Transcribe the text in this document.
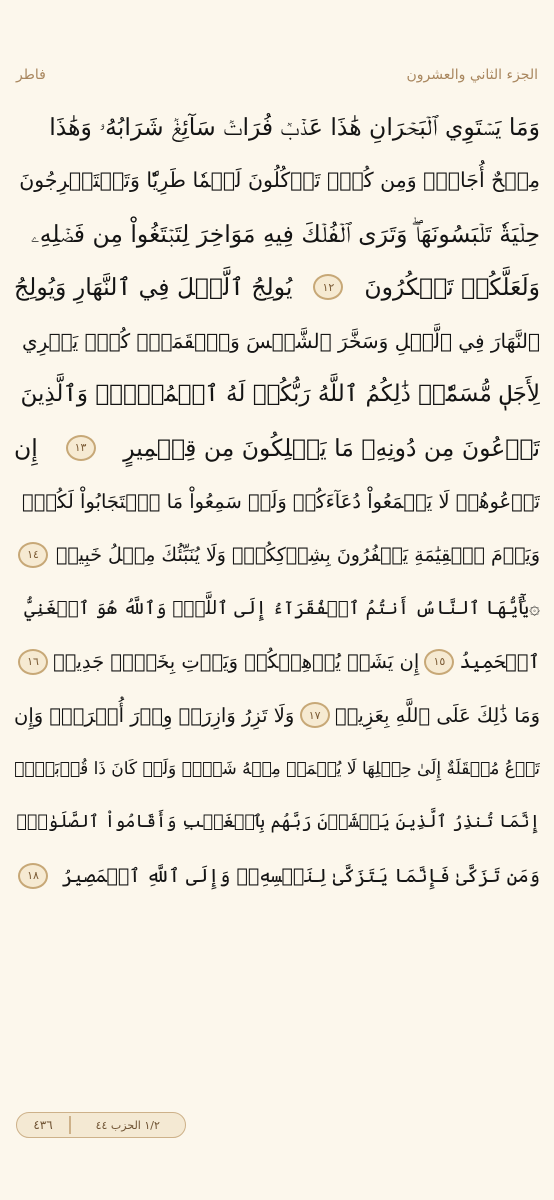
الجزء الثاني والعشرون
فاطر
وَمَا يَسۡتَوِي ٱلۡبَحۡرَانِ هَٰذَا عَذۡبٞ فُرَاتٞ سَآئِغٞ شَرَابُهُۥ وَهَٰذَا
مِلۡحٌ أُجَاجٞۖ وَمِن كُلّٖ تَأۡكُلُونَ لَحۡمٗا طَرِيّٗا وَتَسۡتَخۡرِجُونَ
حِلۡيَةٗ تَلۡبَسُونَهَاۖ وَتَرَى ٱلۡفُلۡكَ فِيهِ مَوَاخِرَ لِتَبۡتَغُواْ مِن فَضۡلِهِۦ
وَلَعَلَّكُمۡ تَشۡكُرُونَ
١٢
يُولِجُ ٱلَّيۡلَ فِي ٱلنَّهَارِ وَيُولِجُ
ٱلنَّهَارَ فِي ٱلَّيۡلِ وَسَخَّرَ ٱلشَّمۡسَ وَٱلۡقَمَرَۖ كُلّٞ يَجۡرِي
لِأَجَلٖ مُّسَمّٗىۚ ذَٰلِكُمُ ٱللَّهُ رَبُّكُمۡ لَهُ ٱلۡمُلۡكُۚ وَٱلَّذِينَ
تَدۡعُونَ مِن دُونِهِۦ مَا يَمۡلِكُونَ مِن قِطۡمِيرٍ
١٣
إِن
تَدۡعُوهُمۡ لَا يَسۡمَعُواْ دُعَآءَكُمۡ وَلَوۡ سَمِعُواْ مَا ٱسۡتَجَابُواْ لَكُمۡۖ
وَيَوۡمَ ٱلۡقِيَٰمَةِ يَكۡفُرُونَ بِشِرۡكِكُمۡۚ وَلَا يُنَبِّئُكَ مِثۡلُ خَبِيرٖ
١٤
۞يَٰٓأَيُّهَا ٱلنَّاسُ أَنتُمُ ٱلۡفُقَرَآءُ إِلَى ٱللَّهِۖ وَٱللَّهُ هُوَ ٱلۡغَنِيُّ
ٱلۡحَمِيدُ
١٥
إِن يَشَأۡ يُذۡهِبۡكُمۡ وَيَأۡتِ بِخَلۡقٖ جَدِيدٖ
١٦
وَمَا ذَٰلِكَ عَلَى ٱللَّهِ بِعَزِيزٖ
١٧
وَلَا تَزِرُ وَازِرَةٞ وِزۡرَ أُخۡرَىٰۚ وَإِن
تَدۡعُ مُثۡقَلَةٌ إِلَىٰ حِمۡلِهَا لَا يُحۡمَلۡ مِنۡهُ شَيۡءٞ وَلَوۡ كَانَ ذَا قُرۡبَىٰٓۗ
إِنَّمَا تُنذِرُ ٱلَّذِينَ يَخۡشَوۡنَ رَبَّهُم بِٱلۡغَيۡبِ وَأَقَامُواْ ٱلصَّلَوٰةَۚ
وَمَن تَزَكَّىٰ فَإِنَّمَا يَتَزَكَّىٰ لِنَفۡسِهِۦۚ وَإِلَى ٱللَّهِ ٱلۡمَصِيرُ
١٨
١/٢ الحزب ٤٤
٤٣٦
